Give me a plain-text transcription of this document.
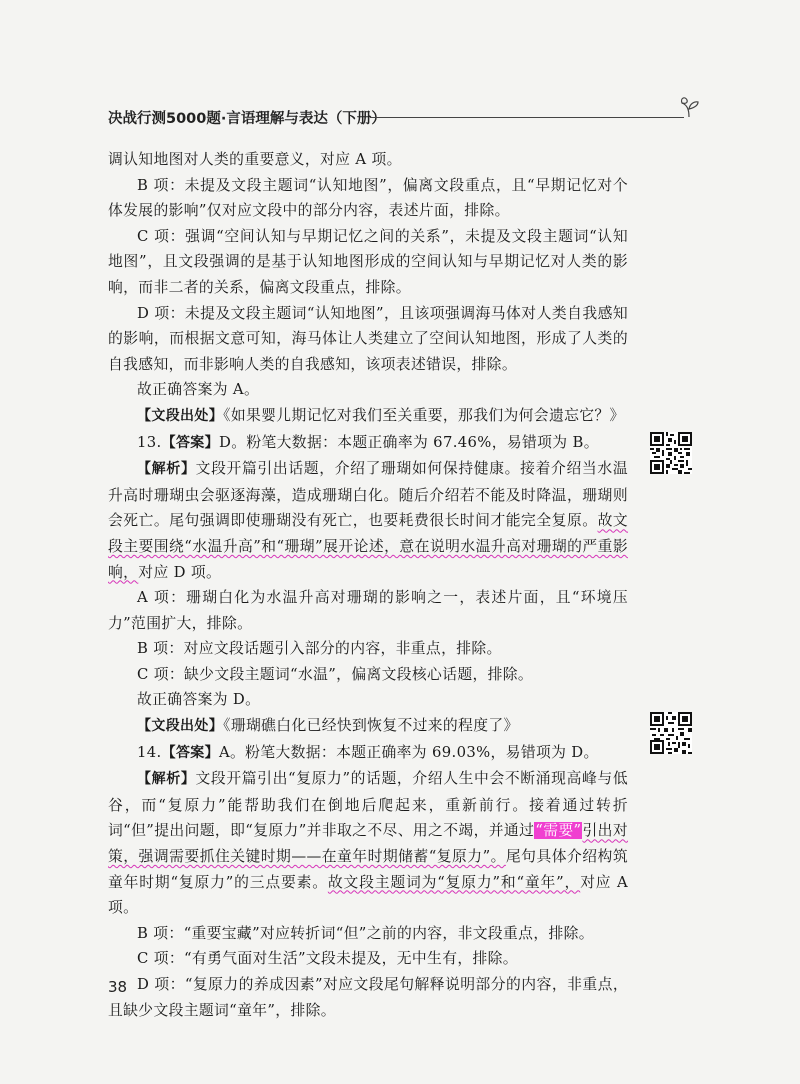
决战行测5000题·言语理解与表达（下册）

调认知地图对人类的重要意义，对应 A 项。

B 项：未提及文段主题词“认知地图”，偏离文段重点，且“早期记忆对个体发展的影响”仅对应文段中的部分内容，表述片面，排除。

C 项：强调“空间认知与早期记忆之间的关系”，未提及文段主题词“认知地图”，且文段强调的是基于认知地图形成的空间认知与早期记忆对人类的影响，而非二者的关系，偏离文段重点，排除。

D 项：未提及文段主题词“认知地图”，且该项强调海马体对人类自我感知的影响，而根据文意可知，海马体让人类建立了空间认知地图，形成了人类的自我感知，而非影响人类的自我感知，该项表述错误，排除。

故正确答案为 A。

【文段出处】《如果婴儿期记忆对我们至关重要，那我们为何会遗忘它？》

13.【答案】D。粉笔大数据：本题正确率为 67.46%，易错项为 B。

【解析】文段开篇引出话题，介绍了珊瑚如何保持健康。接着介绍当水温升高时珊瑚虫会驱逐海藻，造成珊瑚白化。随后介绍若不能及时降温，珊瑚则会死亡。尾句强调即使珊瑚没有死亡，也要耗费很长时间才能完全复原。故文段主要围绕“水温升高”和“珊瑚”展开论述，意在说明水温升高对珊瑚的严重影响，对应 D 项。

A 项：珊瑚白化为水温升高对珊瑚的影响之一，表述片面，且“环境压力”范围扩大，排除。

B 项：对应文段话题引入部分的内容，非重点，排除。

C 项：缺少文段主题词“水温”，偏离文段核心话题，排除。

故正确答案为 D。

【文段出处】《珊瑚礁白化已经快到恢复不过来的程度了》

14.【答案】A。粉笔大数据：本题正确率为 69.03%，易错项为 D。

【解析】文段开篇引出“复原力”的话题，介绍人生中会不断涌现高峰与低谷，而“复原力”能帮助我们在倒地后爬起来，重新前行。接着通过转折词“但”提出问题，即“复原力”并非取之不尽、用之不竭，并通过“需要”引出对策，强调需要抓住关键时期——在童年时期储蓄“复原力”。尾句具体介绍构筑童年时期“复原力”的三点要素。故文段主题词为“复原力”和“童年”，对应 A 项。

B 项：“重要宝藏”对应转折词“但”之前的内容，非文段重点，排除。

C 项：“有勇气面对生活”文段未提及，无中生有，排除。

D 项：“复原力的养成因素”对应文段尾句解释说明部分的内容，非重点，且缺少文段主题词“童年”，排除。

38
